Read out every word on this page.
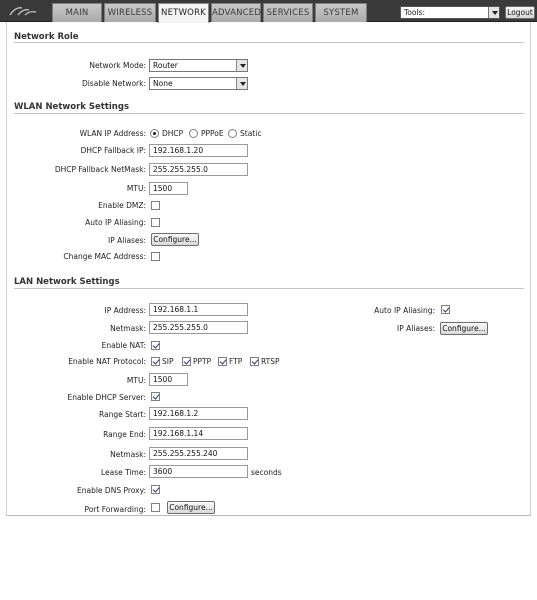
MAIN	WIRELESS	NETWORK ADVANCED SERVICES	SYSTEM	Tools:	Logout
Network Role
Network Mode: Router
Disable Network: None
WLAN Network Settings
WLAN IP Address: DHCP PPPoE Static
DHCP Fallback IP: 192.168.1.20
DHCP Fallback NetMask: 255.255.255.0
MTU: 1500
Enable DMZ:
Auto IP Aliasing:
IP Aliases: Configure...
Change MAC Address:
LAN Network Settings
IP Address: 192.168.1.1	Auto IP Aliasing:
Netmask: 255.255.255.0	IP Aliases: Configure...
Enable NAT:
Enable NAT Protocol: SIP	PPTP FTP RTSP
MTU: 1500
Enable DHCP Server:
Range Start: 192.168.1.2
Range End: 192.168.1.14
Netmask: 255.255.255.240
Lease Time: 3600	seconds
Enable DNS Proxy:
Port Forwarding:	Configure...
